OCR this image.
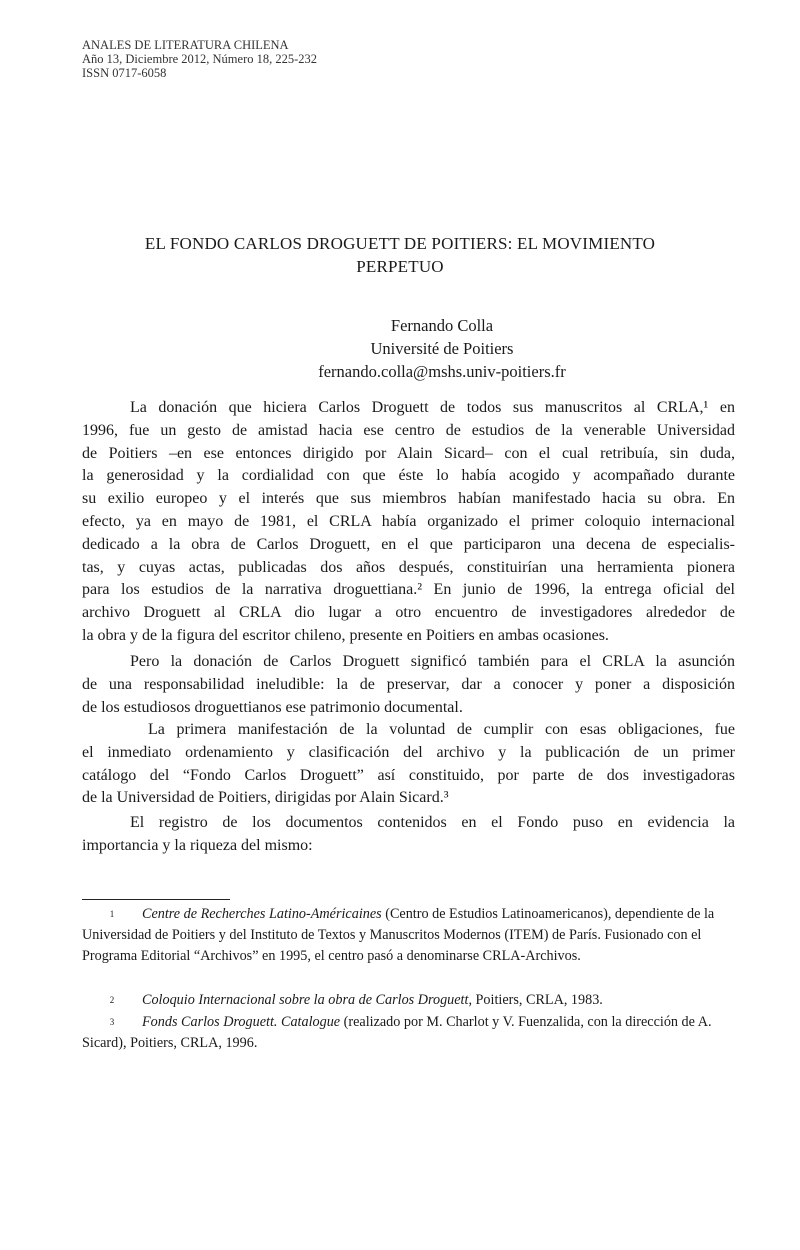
ANALES DE LITERATURA CHILENA
Año 13, Diciembre 2012, Número 18, 225-232
ISSN 0717-6058
EL FONDO CARLOS DROGUETT DE POITIERS: EL MOVIMIENTO
PERPETUO
Fernando Colla
Université de Poitiers
fernando.colla@mshs.univ-poitiers.fr
La donación que hiciera Carlos Droguett de todos sus manuscritos al CRLA,¹ en
1996, fue un gesto de amistad hacia ese centro de estudios de la venerable Universidad
de Poitiers –en ese entonces dirigido por Alain Sicard– con el cual retribuía, sin duda,
la generosidad y la cordialidad con que éste lo había acogido y acompañado durante
su exilio europeo y el interés que sus miembros habían manifestado hacia su obra. En
efecto, ya en mayo de 1981, el CRLA había organizado el primer coloquio internacional
dedicado a la obra de Carlos Droguett, en el que participaron una decena de especialis-
tas, y cuyas actas, publicadas dos años después, constituirían una herramienta pionera
para los estudios de la narrativa droguettiana.² En junio de 1996, la entrega oficial del
archivo Droguett al CRLA dio lugar a otro encuentro de investigadores alrededor de
la obra y de la figura del escritor chileno, presente en Poitiers en ambas ocasiones.
Pero la donación de Carlos Droguett significó también para el CRLA la asunción
de una responsabilidad ineludible: la de preservar, dar a conocer y poner a disposición
de los estudiosos droguettianos ese patrimonio documental.
La primera manifestación de la voluntad de cumplir con esas obligaciones, fue
el inmediato ordenamiento y clasificación del archivo y la publicación de un primer
catálogo del “Fondo Carlos Droguett” así constituido, por parte de dos investigadoras
de la Universidad de Poitiers, dirigidas por Alain Sicard.³
El registro de los documentos contenidos en el Fondo puso en evidencia la
importancia y la riqueza del mismo:
1 Centre de Recherches Latino-Américaines (Centro de Estudios Latinoamericanos), dependiente de la Universidad de Poitiers y del Instituto de Textos y Manuscritos Modernos (ITEM) de París. Fusionado con el Programa Editorial “Archivos” en 1995, el centro pasó a denominarse CRLA-Archivos.
2 Coloquio Internacional sobre la obra de Carlos Droguett, Poitiers, CRLA, 1983.
3 Fonds Carlos Droguett. Catalogue (realizado por M. Charlot y V. Fuenzalida, con la dirección de A. Sicard), Poitiers, CRLA, 1996.
